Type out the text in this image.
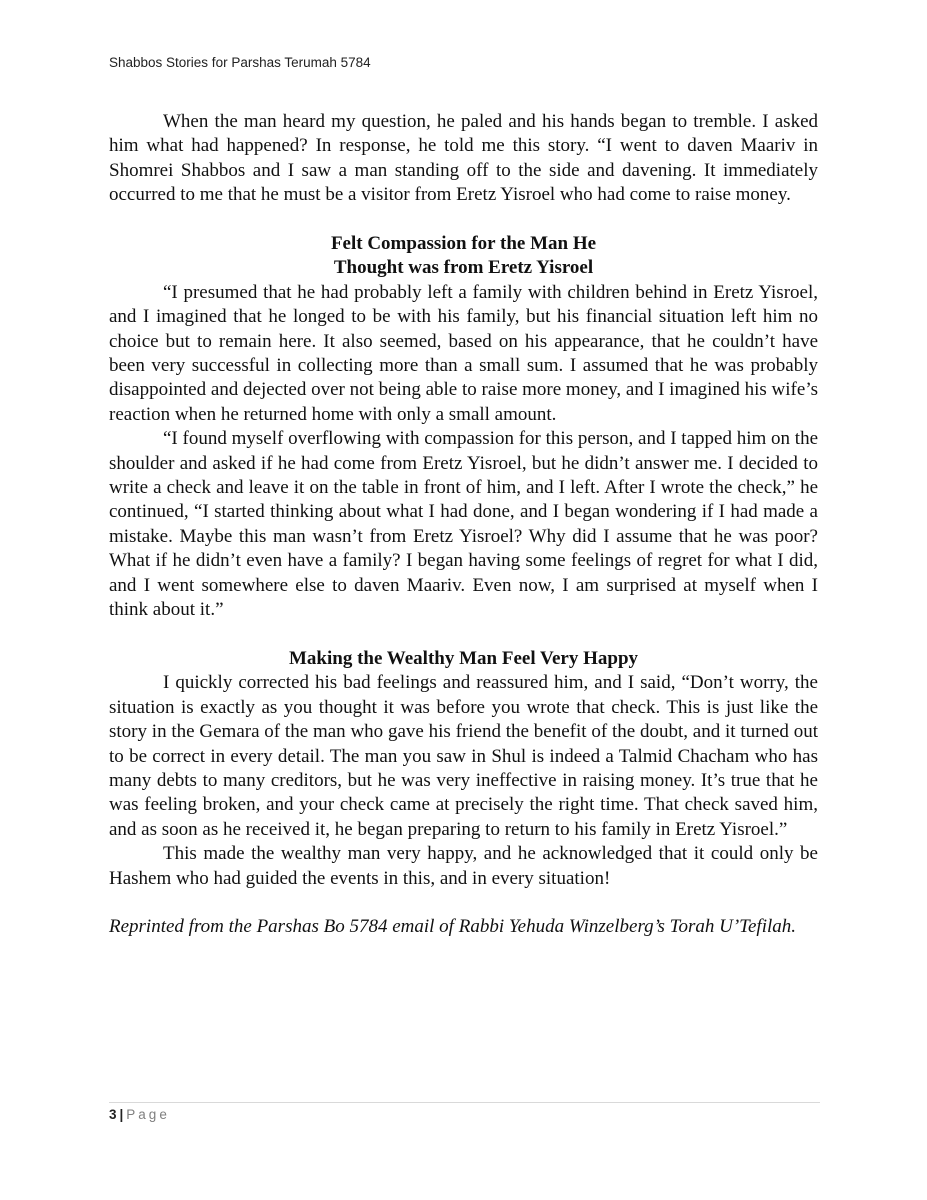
Shabbos Stories for Parshas Terumah 5784

When the man heard my question, he paled and his hands began to tremble. I asked him what had happened? In response, he told me this story. “I went to daven Maariv in Shomrei Shabbos and I saw a man standing off to the side and davening. It immediately occurred to me that he must be a visitor from Eretz Yisroel who had come to raise money.

Felt Compassion for the Man He

Thought was from Eretz Yisroel

“I presumed that he had probably left a family with children behind in Eretz Yisroel, and I imagined that he longed to be with his family, but his financial situation left him no choice but to remain here. It also seemed, based on his appearance, that he couldn’t have been very successful in collecting more than a small sum. I assumed that he was probably disappointed and dejected over not being able to raise more money, and I imagined his wife’s reaction when he returned home with only a small amount.

“I found myself overflowing with compassion for this person, and I tapped him on the shoulder and asked if he had come from Eretz Yisroel, but he didn’t answer me. I decided to write a check and leave it on the table in front of him, and I left. After I wrote the check,” he continued, “I started thinking about what I had done, and I began wondering if I had made a mistake. Maybe this man wasn’t from Eretz Yisroel? Why did I assume that he was poor? What if he didn’t even have a family? I began having some feelings of regret for what I did, and I went somewhere else to daven Maariv. Even now, I am surprised at myself when I think about it.”

Making the Wealthy Man Feel Very Happy

I quickly corrected his bad feelings and reassured him, and I said, “Don’t worry, the situation is exactly as you thought it was before you wrote that check. This is just like the story in the Gemara of the man who gave his friend the benefit of the doubt, and it turned out to be correct in every detail. The man you saw in Shul is indeed a Talmid Chacham who has many debts to many creditors, but he was very ineffective in raising money. It’s true that he was feeling broken, and your check came at precisely the right time. That check saved him, and as soon as he received it, he began preparing to return to his family in Eretz Yisroel.”

This made the wealthy man very happy, and he acknowledged that it could only be Hashem who had guided the events in this, and in every situation!

Reprinted from the Parshas Bo 5784 email of Rabbi Yehuda Winzelberg’s Torah U’Tefilah.

3 | Page
